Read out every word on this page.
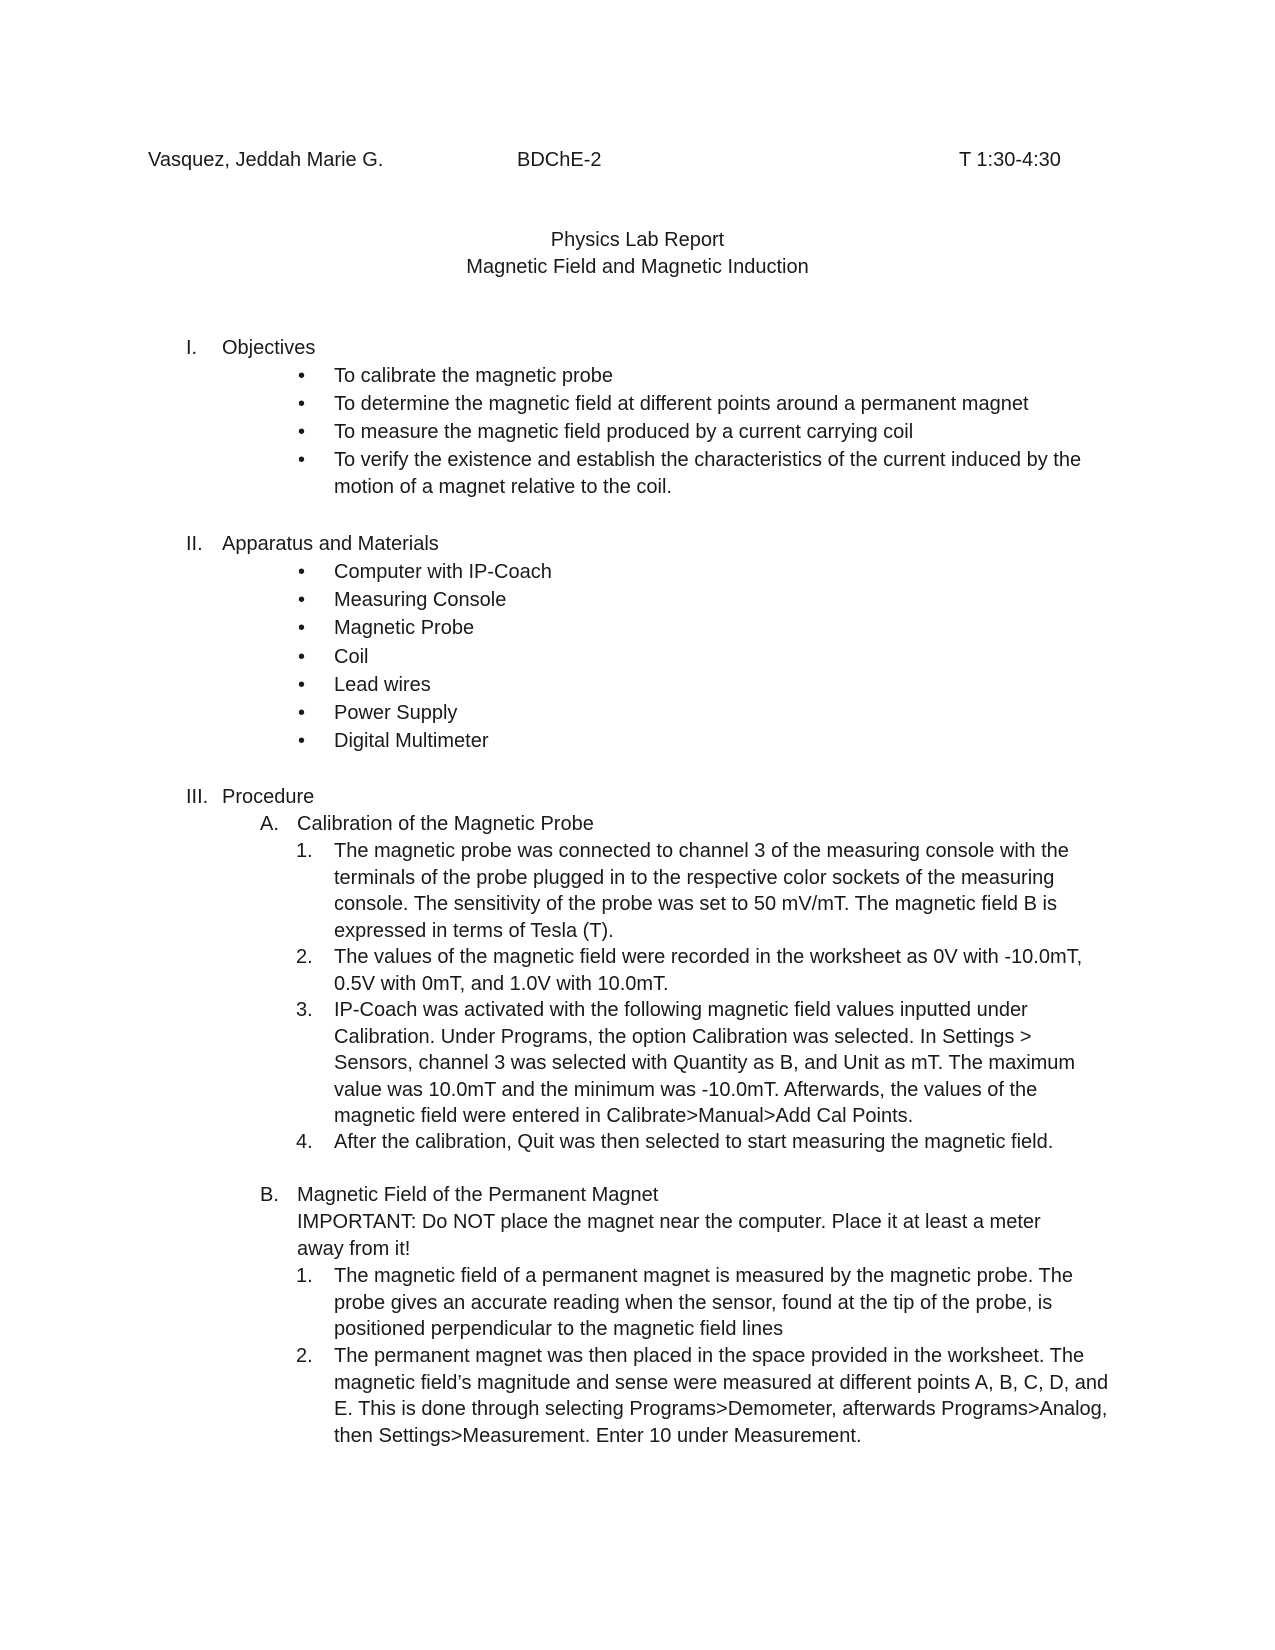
Vasquez, Jeddah Marie G.	BDChE-2	T 1:30-4:30
Physics Lab Report
Magnetic Field and Magnetic Induction
I. Objectives
• To calibrate the magnetic probe
• To determine the magnetic field at different points around a permanent magnet
• To measure the magnetic field produced by a current carrying coil
• To verify the existence and establish the characteristics of the current induced by the motion of a magnet relative to the coil.
II. Apparatus and Materials
• Computer with IP-Coach
• Measuring Console
• Magnetic Probe
• Coil
• Lead wires
• Power Supply
• Digital Multimeter
III. Procedure
A. Calibration of the Magnetic Probe
1. The magnetic probe was connected to channel 3 of the measuring console with the terminals of the probe plugged in to the respective color sockets of the measuring console. The sensitivity of the probe was set to 50 mV/mT. The magnetic field B is expressed in terms of Tesla (T).
2. The values of the magnetic field were recorded in the worksheet as 0V with -10.0mT, 0.5V with 0mT, and 1.0V with 10.0mT.
3. IP-Coach was activated with the following magnetic field values inputted under Calibration. Under Programs, the option Calibration was selected. In Settings > Sensors, channel 3 was selected with Quantity as B, and Unit as mT. The maximum value was 10.0mT and the minimum was -10.0mT. Afterwards, the values of the magnetic field were entered in Calibrate>Manual>Add Cal Points.
4. After the calibration, Quit was then selected to start measuring the magnetic field.
B. Magnetic Field of the Permanent Magnet
IMPORTANT: Do NOT place the magnet near the computer. Place it at least a meter away from it!
1. The magnetic field of a permanent magnet is measured by the magnetic probe. The probe gives an accurate reading when the sensor, found at the tip of the probe, is positioned perpendicular to the magnetic field lines
2. The permanent magnet was then placed in the space provided in the worksheet. The magnetic field’s magnitude and sense were measured at different points A, B, C, D, and E. This is done through selecting Programs>Demometer, afterwards Programs>Analog, then Settings>Measurement. Enter 10 under Measurement.
